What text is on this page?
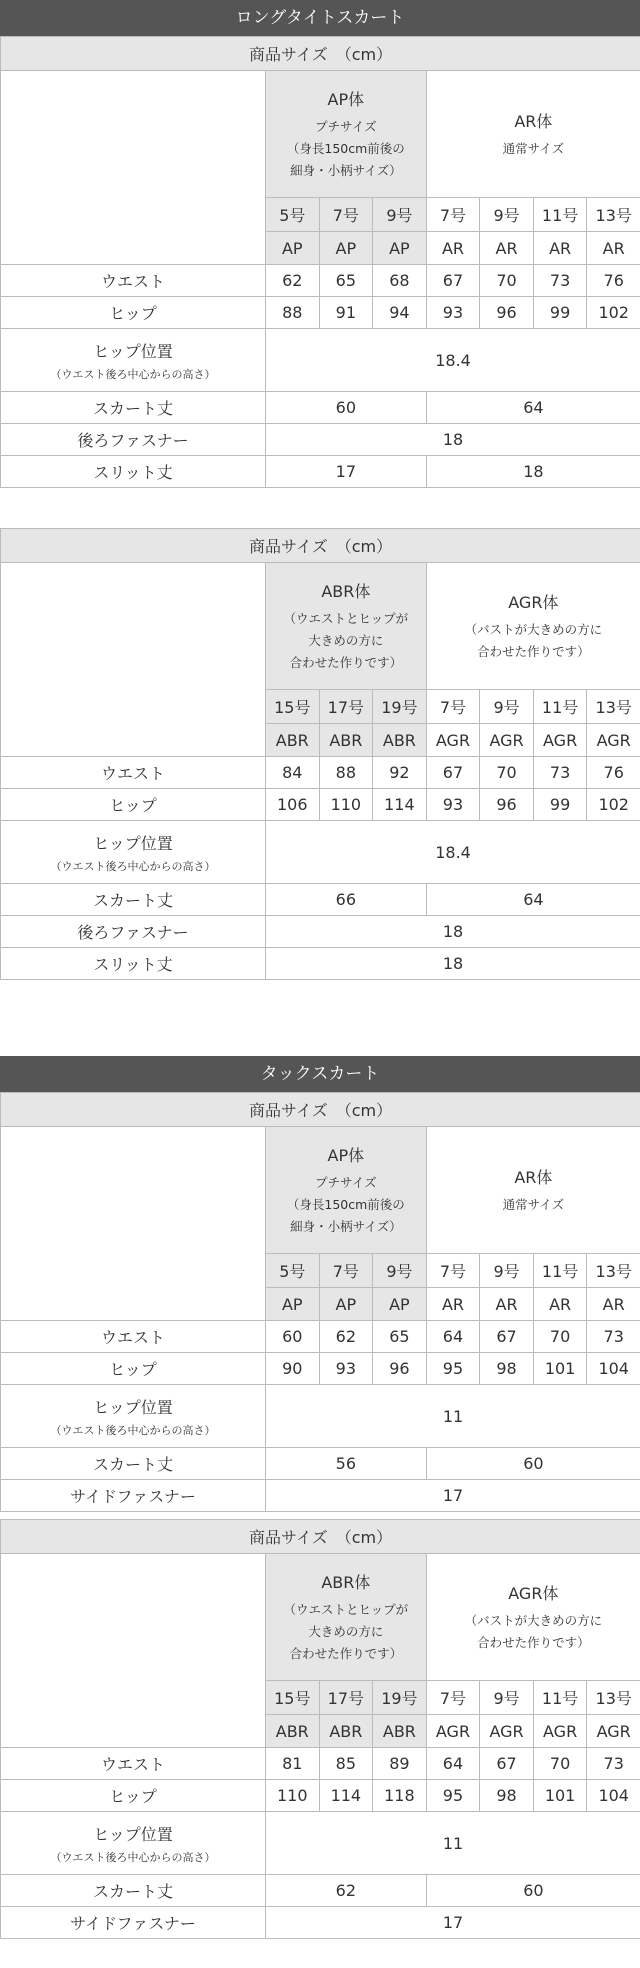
ロングタイトスカート
商品サイズ　（cm）							

	AP体
プチサイズ
（身長150cm前後の
細身・小柄サイズ）			AR体
通常サイズ			

	5号	7号	9号	7号	9号	11号	13号
	AP	AP	AP	AR	AR	AR	AR
ウエスト	62	65	68	67	70	73	76
ヒップ	88	91	94	93	96	99	102

ヒップ位置
（ウエスト後ろ中心からの高さ）	18.4						
スカート丈	60			64			
後ろファスナー	18						
スリット丈	17			18			
商品サイズ　（cm）							

	ABR体
（ウエストとヒップが
大きめの方に
合わせた作りです）			AGR体
（バストが大きめの方に
合わせた作りです）			

	15号	17号	19号	7号	9号	11号	13号
	ABR	ABR	ABR	AGR	AGR	AGR	AGR
ウエスト	84	88	92	67	70	73	76
ヒップ	106	110	114	93	96	99	102

ヒップ位置
（ウエスト後ろ中心からの高さ）	18.4						
スカート丈	66			64			
後ろファスナー	18						
スリット丈	18						
タックスカート
商品サイズ　（cm）							

	AP体
プチサイズ
（身長150cm前後の
細身・小柄サイズ）			AR体
通常サイズ			

	5号	7号	9号	7号	9号	11号	13号
	AP	AP	AP	AR	AR	AR	AR
ウエスト	60	62	65	64	67	70	73
ヒップ	90	93	96	95	98	101	104

ヒップ位置
（ウエスト後ろ中心からの高さ）	11						
スカート丈	56			60			
サイドファスナー	17						
商品サイズ　（cm）							

	ABR体
（ウエストとヒップが
大きめの方に
合わせた作りです）			AGR体
（バストが大きめの方に
合わせた作りです）			

	15号	17号	19号	7号	9号	11号	13号
	ABR	ABR	ABR	AGR	AGR	AGR	AGR
ウエスト	81	85	89	64	67	70	73
ヒップ	110	114	118	95	98	101	104

ヒップ位置
（ウエスト後ろ中心からの高さ）	11						
スカート丈	62			60			
サイドファスナー	17						
